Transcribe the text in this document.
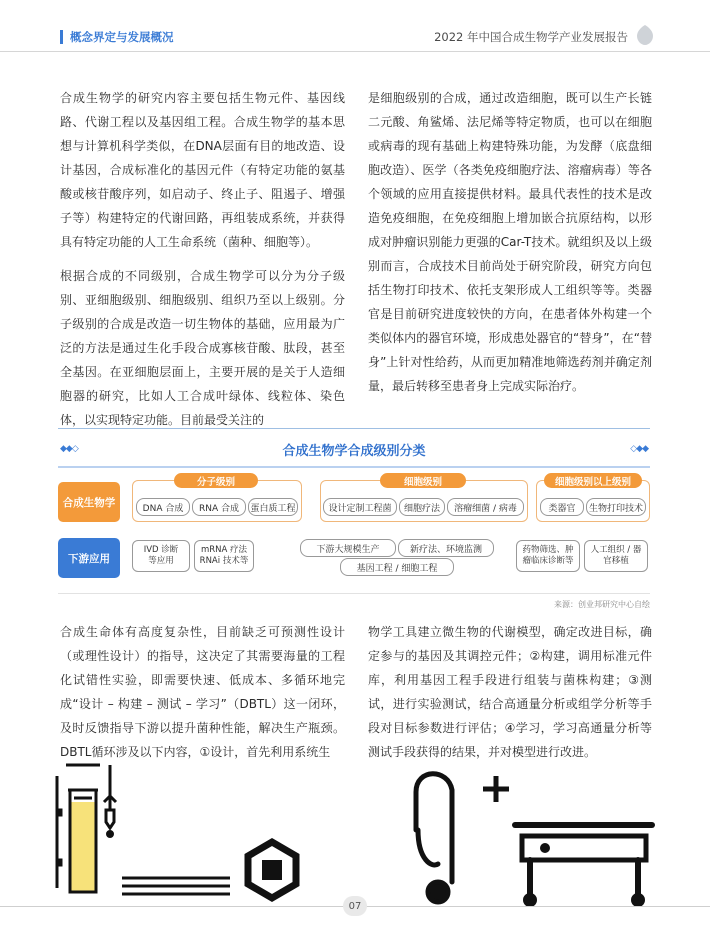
概念界定与发展概况	2022 年中国合成生物学产业发展报告

合成生物学的研究内容主要包括生物元件、基因线路、代谢工程以及基因组工程。合成生物学的基本思想与计算机科学类似，在DNA层面有目的地改造、设计基因，合成标准化的基因元件（有特定功能的氨基酸或核苷酸序列，如启动子、终止子、阻遏子、增强子等）构建特定的代谢回路，再组装成系统，并获得具有特定功能的人工生命系统（菌种、细胞等）。

根据合成的不同级别，合成生物学可以分为分子级别、亚细胞级别、细胞级别、组织乃至以上级别。分子级别的合成是改造一切生物体的基础，应用最为广泛的方法是通过生化手段合成寡核苷酸、肽段，甚至全基因。在亚细胞层面上，主要开展的是关于人造细胞器的研究，比如人工合成叶绿体、线粒体、染色体，以实现特定功能。目前最受关注的

是细胞级别的合成，通过改造细胞，既可以生产长链二元酸、角鲨烯、法尼烯等特定物质，也可以在细胞或病毒的现有基础上构建特殊功能，为发酵（底盘细胞改造）、医学（各类免疫细胞疗法、溶瘤病毒）等各个领域的应用直接提供材料。最具代表性的技术是改造免疫细胞，在免疫细胞上增加嵌合抗原结构，以形成对肿瘤识别能力更强的Car-T技术。就组织及以上级别而言，合成技术目前尚处于研究阶段，研究方向包括生物打印技术、依托支架形成人工组织等等。类器官是目前研究进度较快的方向，在患者体外构建一个类似体内的器官环境，形成患处器官的“替身”，在“替身”上针对性给药，从而更加精准地筛选药剂并确定剂量，最后转移至患者身上完成实际治疗。

◆◆◇	◇◆◆
合成生物学合成级别分类
合成生物学
下游应用
分子级别
DNA 合成	RNA 合成	蛋白质工程
细胞级别
设计定制工程菌	细胞疗法	溶瘤细菌 / 病毒
细胞级别以上级别
类器官	生物打印技术
IVD 诊断
等应用
mRNA 疗法
RNAi 技术等
下游大规模生产	新疗法、环境监测
基因工程 / 细胞工程
药物筛选、肿
瘤临床诊断等
人工组织 / 器
官移植
来源：创业邦研究中心自绘

合成生命体有高度复杂性，目前缺乏可预测性设计（或理性设计）的指导，这决定了其需要海量的工程化试错性实验，即需要快速、低成本、多循环地完成“设计 – 构建 – 测试 – 学习”（DBTL）这一闭环，及时反馈指导下游以提升菌种性能，解决生产瓶颈。DBTL循环涉及以下内容，①设计，首先利用系统生

物学工具建立微生物的代谢模型，确定改进目标，确定参与的基因及其调控元件；②构建，调用标准元件库，利用基因工程手段进行组装与菌株构建；③测试，进行实验测试，结合高通量分析或组学分析等手段对目标参数进行评估；④学习，学习高通量分析等测试手段获得的结果，并对模型进行改进。

07
